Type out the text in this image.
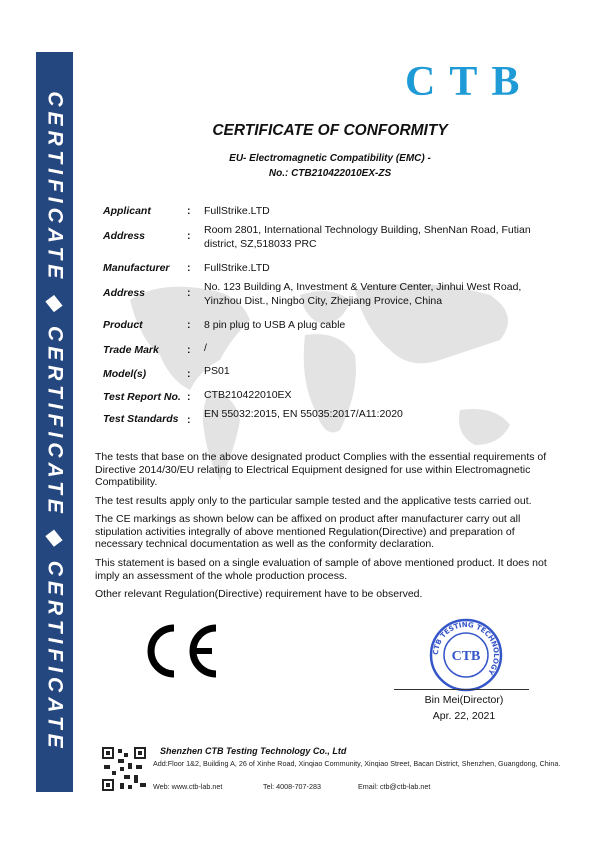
CERTIFICATE ◆ CERTIFICATE ◆ CERTIFICATE
CTB
CERTIFICATE OF CONFORMITY
EU- Electromagnetic Compatibility (EMC) -
No.: CTB210422010EX-ZS
Applicant	: FullStrike.LTD
Address	: Room 2801, International Technology Building, ShenNan Road, Futian district, SZ,518033 PRC
Manufacturer : FullStrike.LTD
Address	: No. 123 Building A, Investment & Venture Center, Jinhui West Road, Yinzhou Dist., Ningbo City, Zhejiang Provice, China
Product	: 8 pin plug to USB A plug cable
Trade Mark	: /
Model(s)	: PS01
Test Report No. : CTB210422010EX
Test Standards : EN 55032:2015, EN 55035:2017/A11:2020
The tests that base on the above designated product Complies with the essential requirements of Directive 2014/30/EU relating to Electrical Equipment designed for use within Electromagnetic Compatibility.
The test results apply only to the particular sample tested and the applicative tests carried out.
The CE markings as shown below can be affixed on product after manufacturer carry out all stipulation activities integrally of above mentioned Regulation(Directive) and preparation of necessary technical documentation as well as the conformity declaration.
This statement is based on a single evaluation of sample of above mentioned product. It does not imply an assessment of the whole production process.
Other relevant Regulation(Directive) requirement have to be observed.
CTB TESTING TECHNOLOGY
CTB
Bin Mei(Director)
Apr. 22, 2021
Shenzhen CTB Testing Technology Co., Ltd
Add:Floor 1&2, Building A, 26 of Xinhe Road, Xinqiao Community, Xinqiao Street, Bacan District, Shenzhen, Guangdong, China.
Web: www.ctb-lab.net	Tel: 4008-707-283	Email: ctb@ctb-lab.net
